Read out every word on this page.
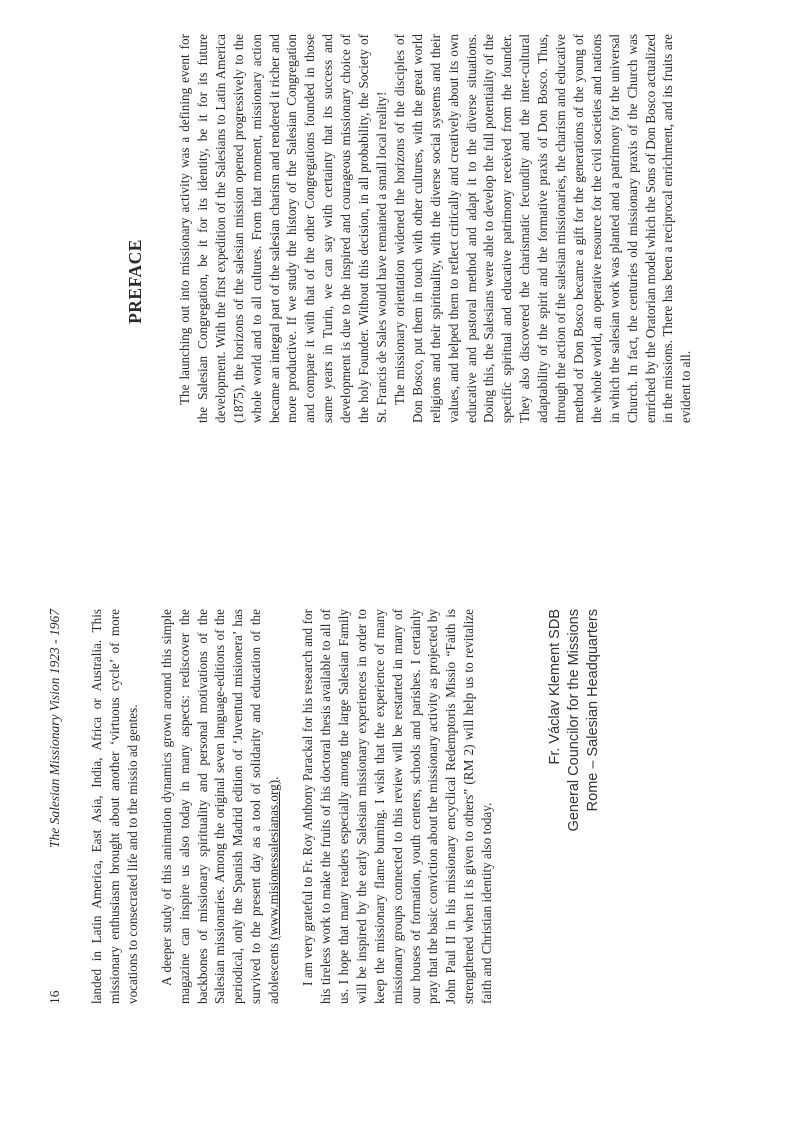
16
The Salesian Missionary Vision 1923 - 1967 landed in Latin America, East Asia, India, Africa or Australia. This missionary enthusiasm brought about another ‘virtuous cycle’ of more vocations to consecrated life and to the missio ad gentes. A deeper study of this animation dynamics grown around this simple magazine can inspire us also today in many aspects: rediscover the backbones of missionary spirituality and personal motivations of the Salesian missionaries. Among the original seven language-editions of the periodical, only the Spanish Madrid edition of ‘Juventud misionera’ has survived to the present day as a tool of solidarity and education of the adolescents (www.misionessalesianas.org). I am very grateful to Fr. Roy Anthony Parackal for his research and for his tireless work to make the fruits of his doctoral thesis available to all of us. I hope that many readers especially among the large Salesian Family will be inspired by the early Salesian missionary experiences in order to keep the missionary flame burning. I wish that the experience of many missionary groups connected to this review will be restarted in many of our houses of formation, youth centers, schools and parishes. I certainly pray that the basic conviction about the missionary activity as projected by John Paul II in his missionary encyclical Redemptoris Missio “Faith is strengthened when it is given to others” (RM 2) will help us to revitalize faith and Christian identity also today.

Fr. Václav Klement SDB General Councilor for the Missions Rome – Salesian Headquarters
PREFACE The launching out into missionary activity was a defining event for the Salesian Congregation, be it for its identity, be it for its future development. With the first expedition of the Salesians to Latin America (1875), the horizons of the salesian mission opened progressively to the whole world and to all cultures. From that moment, missionary action became an integral part of the salesian charism and rendered it richer and more productive. If we study the history of the Salesian Congregation and compare it with that of the other Congregations founded in those same years in Turin, we can say with certainty that its success and development is due to the inspired and courageous missionary choice of the holy Founder. Without this decision, in all probability, the Society of St. Francis de Sales would have remained a small local reality! The missionary orientation widened the horizons of the disciples of Don Bosco, put them in touch with other cultures, with the great world religions and their spirituality, with the diverse social systems and their values, and helped them to reflect critically and creatively about its own educative and pastoral method and adapt it to the diverse situations. Doing this, the Salesians were able to develop the full potentiality of the specific spiritual and educative patrimony received from the founder. They also discovered the charismatic fecundity and the inter-cultural adaptability of the spirit and the formative praxis of Don Bosco. Thus, through the action of the salesian missionaries, the charism and educative method of Don Bosco became a gift for the generations of the young of the whole world, an operative resource for the civil societies and nations in which the salesian work was planted and a patrimony for the universal Church. In fact, the centuries old missionary praxis of the Church was enriched by the Oratorian model which the Sons of Don Bosco actualized in the missions. There has been a reciprocal enrichment, and its fruits are evident to all.
